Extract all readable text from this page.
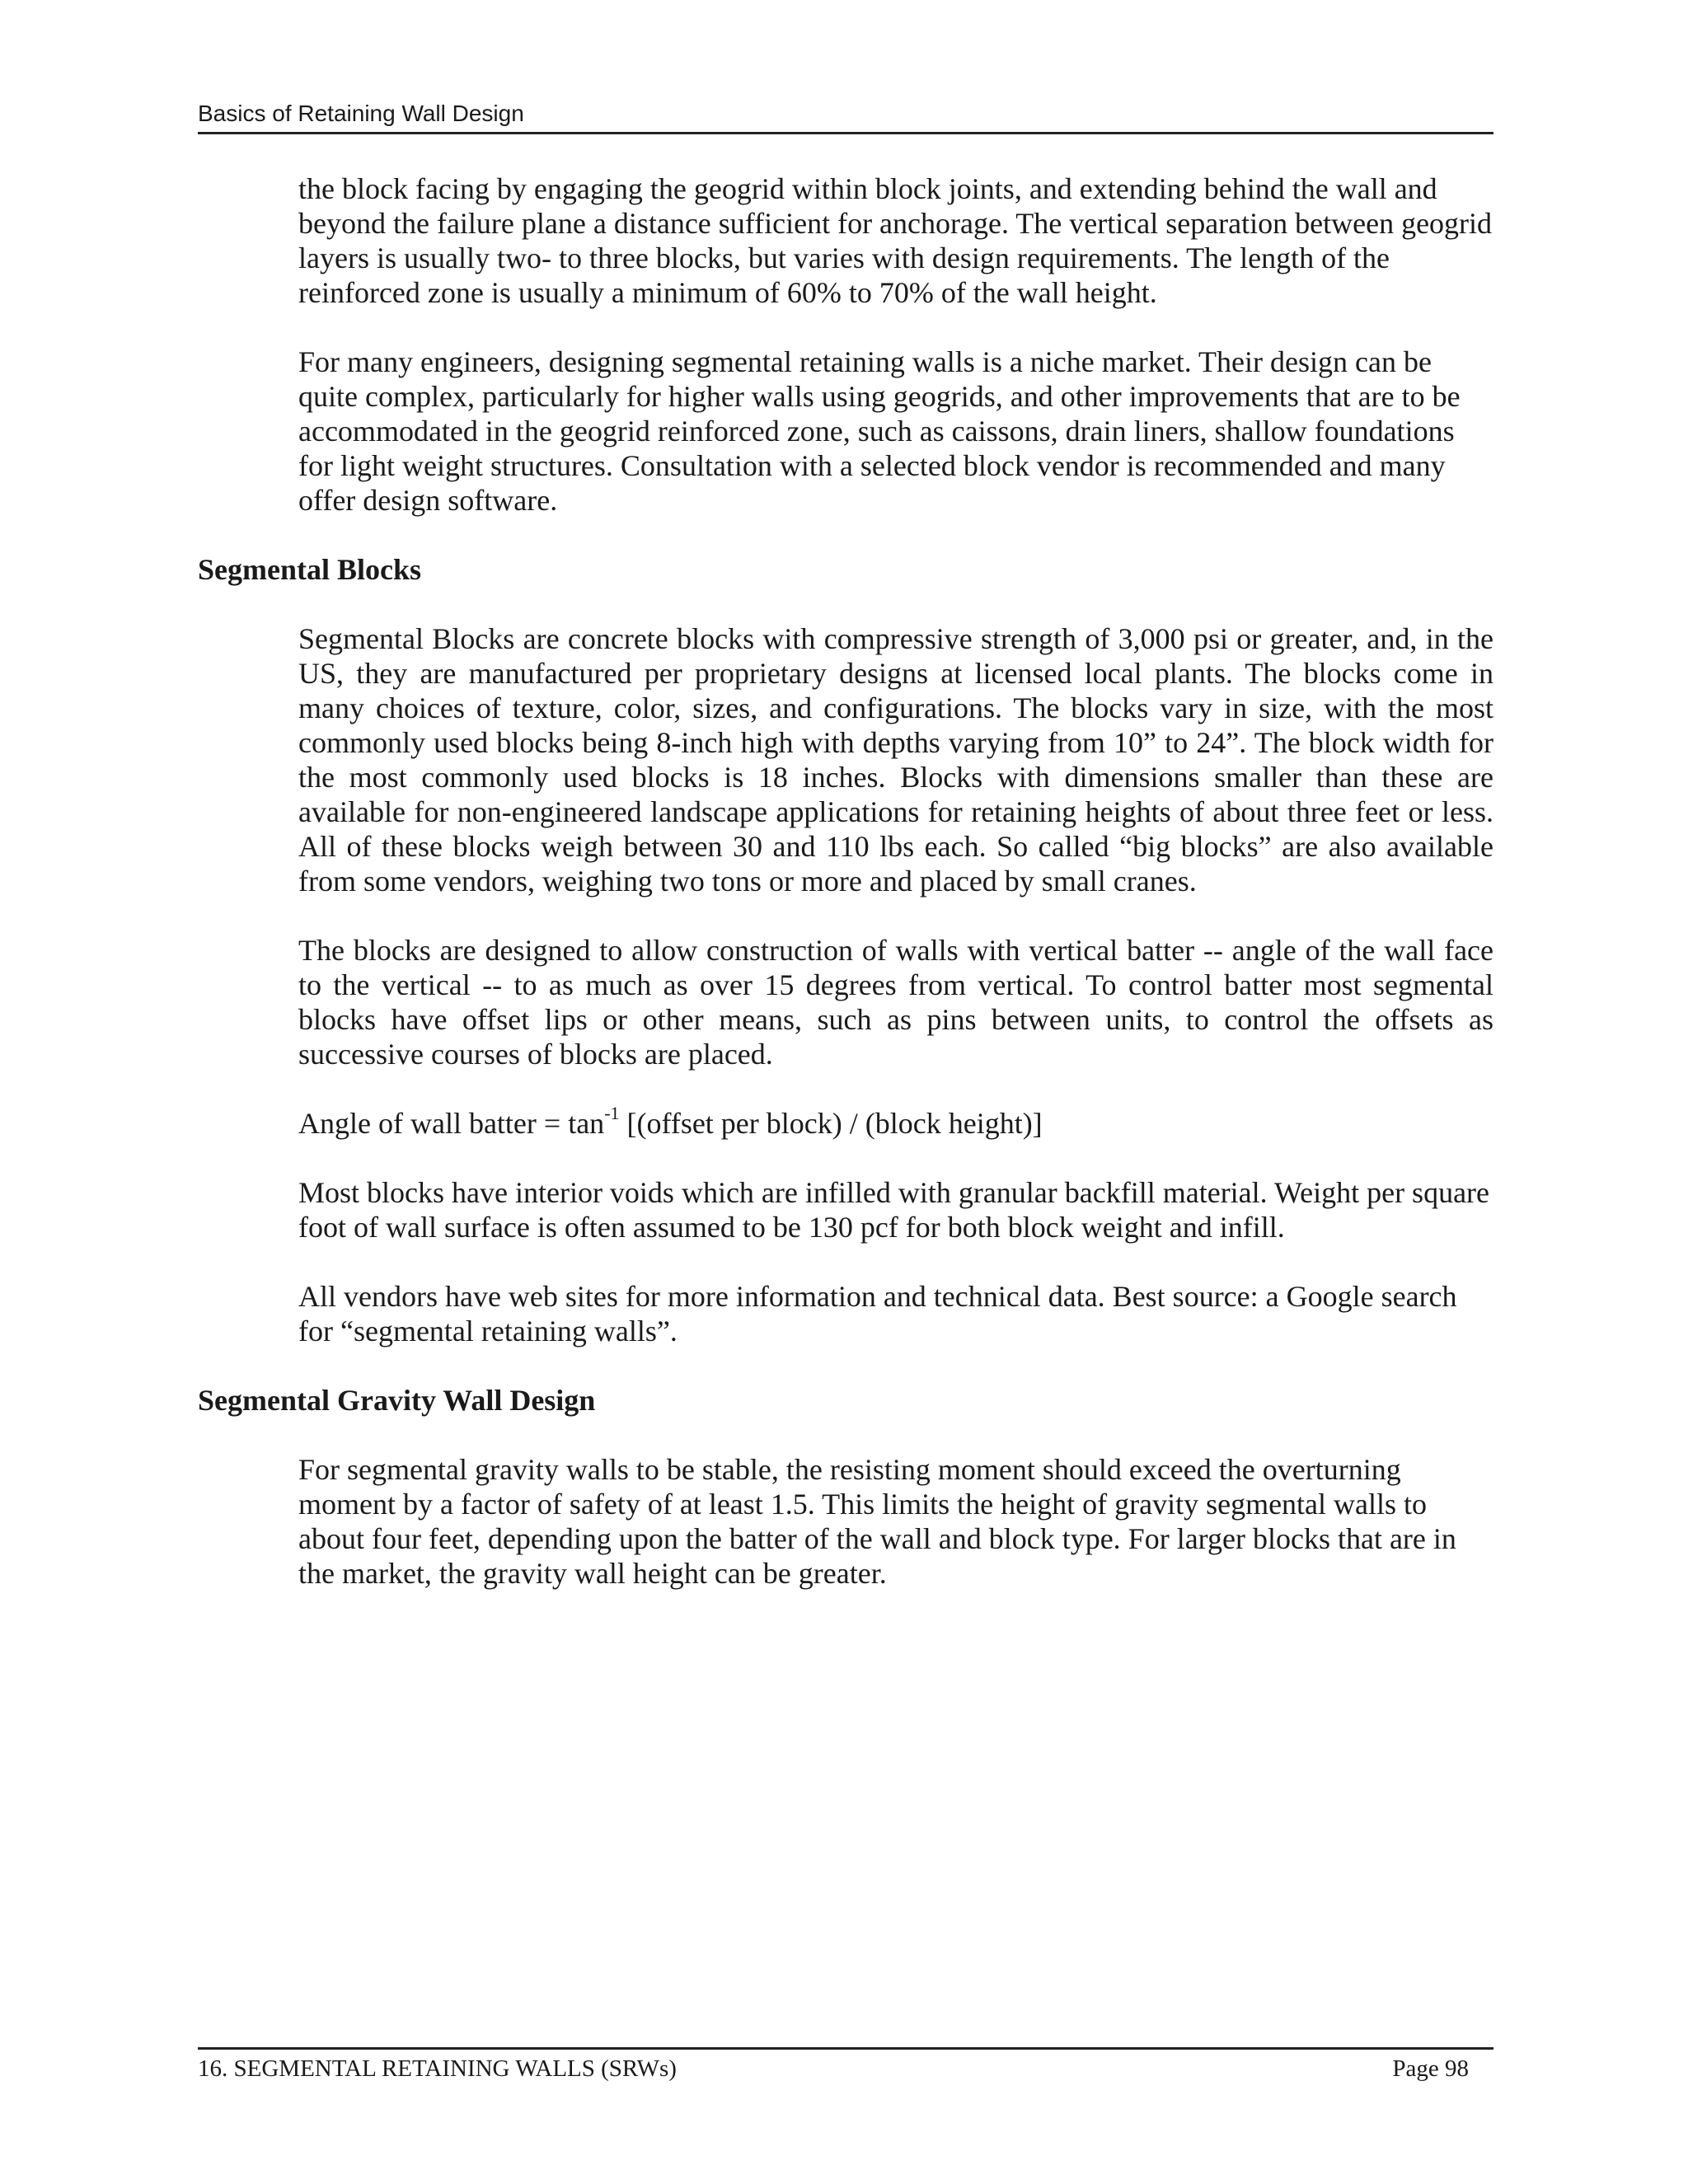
Basics of Retaining Wall Design

the block facing by engaging the geogrid within block joints, and extending behind the wall and beyond the failure plane a distance sufficient for anchorage. The vertical separation between geogrid layers is usually two- to three blocks, but varies with design requirements. The length of the reinforced zone is usually a minimum of 60% to 70% of the wall height.

For many engineers, designing segmental retaining walls is a niche market. Their design can be quite complex, particularly for higher walls using geogrids, and other improvements that are to be accommodated in the geogrid reinforced zone, such as caissons, drain liners, shallow foundations for light weight structures. Consultation with a selected block vendor is recommended and many offer design software.

Segmental Blocks

Segmental Blocks are concrete blocks with compressive strength of 3,000 psi or greater, and, in the US, they are manufactured per proprietary designs at licensed local plants. The blocks come in many choices of texture, color, sizes, and configurations. The blocks vary in size, with the most commonly used blocks being 8-inch high with depths varying from 10” to 24”. The block width for the most commonly used blocks is 18 inches. Blocks with dimensions smaller than these are available for non-engineered landscape applications for retaining heights of about three feet or less. All of these blocks weigh between 30 and 110 lbs each. So called “big blocks” are also available from some vendors, weighing two tons or more and placed by small cranes.

The blocks are designed to allow construction of walls with vertical batter -- angle of the wall face to the vertical -- to as much as over 15 degrees from vertical. To control batter most segmental blocks have offset lips or other means, such as pins between units, to control the offsets as successive courses of blocks are placed.

Angle of wall batter = $\tan^{-1}$ [(offset per block) / (block height)]

Most blocks have interior voids which are infilled with granular backfill material. Weight per square foot of wall surface is often assumed to be 130 pcf for both block weight and infill.

All vendors have web sites for more information and technical data. Best source: a Google search for “segmental retaining walls”.

Segmental Gravity Wall Design

For segmental gravity walls to be stable, the resisting moment should exceed the overturning moment by a factor of safety of at least 1.5. This limits the height of gravity segmental walls to about four feet, depending upon the batter of the wall and block type. For larger blocks that are in the market, the gravity wall height can be greater.

16. SEGMENTAL RETAINING WALLS (SRWs)	Page 98
